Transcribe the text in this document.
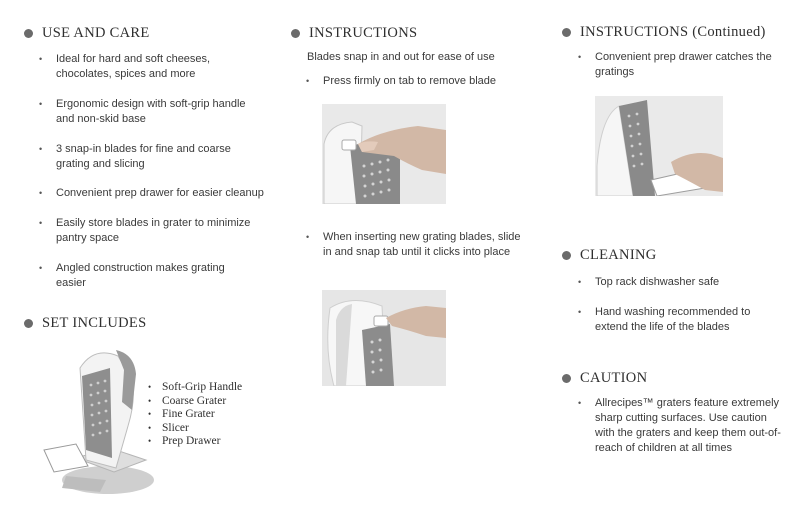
USE AND CARE
• Ideal for hard and soft cheeses, chocolates, spices and more
• Ergonomic design with soft-grip handle and non-skid base
• 3 snap-in blades for fine and coarse grating and slicing
• Convenient prep drawer for easier cleanup
• Easily store blades in grater to minimize pantry space
• Angled construction makes grating easier
SET INCLUDES
• Soft-Grip Handle
• Coarse Grater
• Fine Grater
• Slicer
• Prep Drawer
INSTRUCTIONS
Blades snap in and out for ease of use
• Press firmly on tab to remove blade
• When inserting new grating blades, slide in and snap tab until it clicks into place
INSTRUCTIONS (Continued)
• Convenient prep drawer catches the gratings
CLEANING
• Top rack dishwasher safe
• Hand washing recommended to extend the life of the blades
CAUTION
• Allrecipes™ graters feature extremely sharp cutting surfaces. Use caution with the graters and keep them out-of-reach of children at all times
